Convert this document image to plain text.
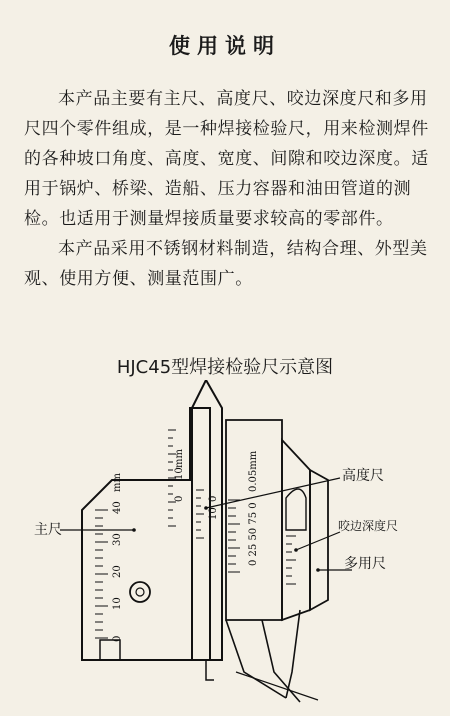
使用说明

本产品主要有主尺、高度尺、咬边深度尺和多用尺四个零件组成，是一种焊接检验尺，用来检测焊件的各种坡口角度、高度、宽度、间隙和咬边深度。适用于锅炉、桥梁、造船、压力容器和油田管道的测检。也适用于测量焊接质量要求较高的零部件。

本产品采用不锈钢材料制造，结构合理、外型美观、使用方便、测量范围广。

HJC45型焊接检验尺示意图
40
30
20
10
0
mm
mm
0
10
0
10	0 25 50 75 0
0.05mm
主尺
高度尺
咬边深度尺
多用尺
